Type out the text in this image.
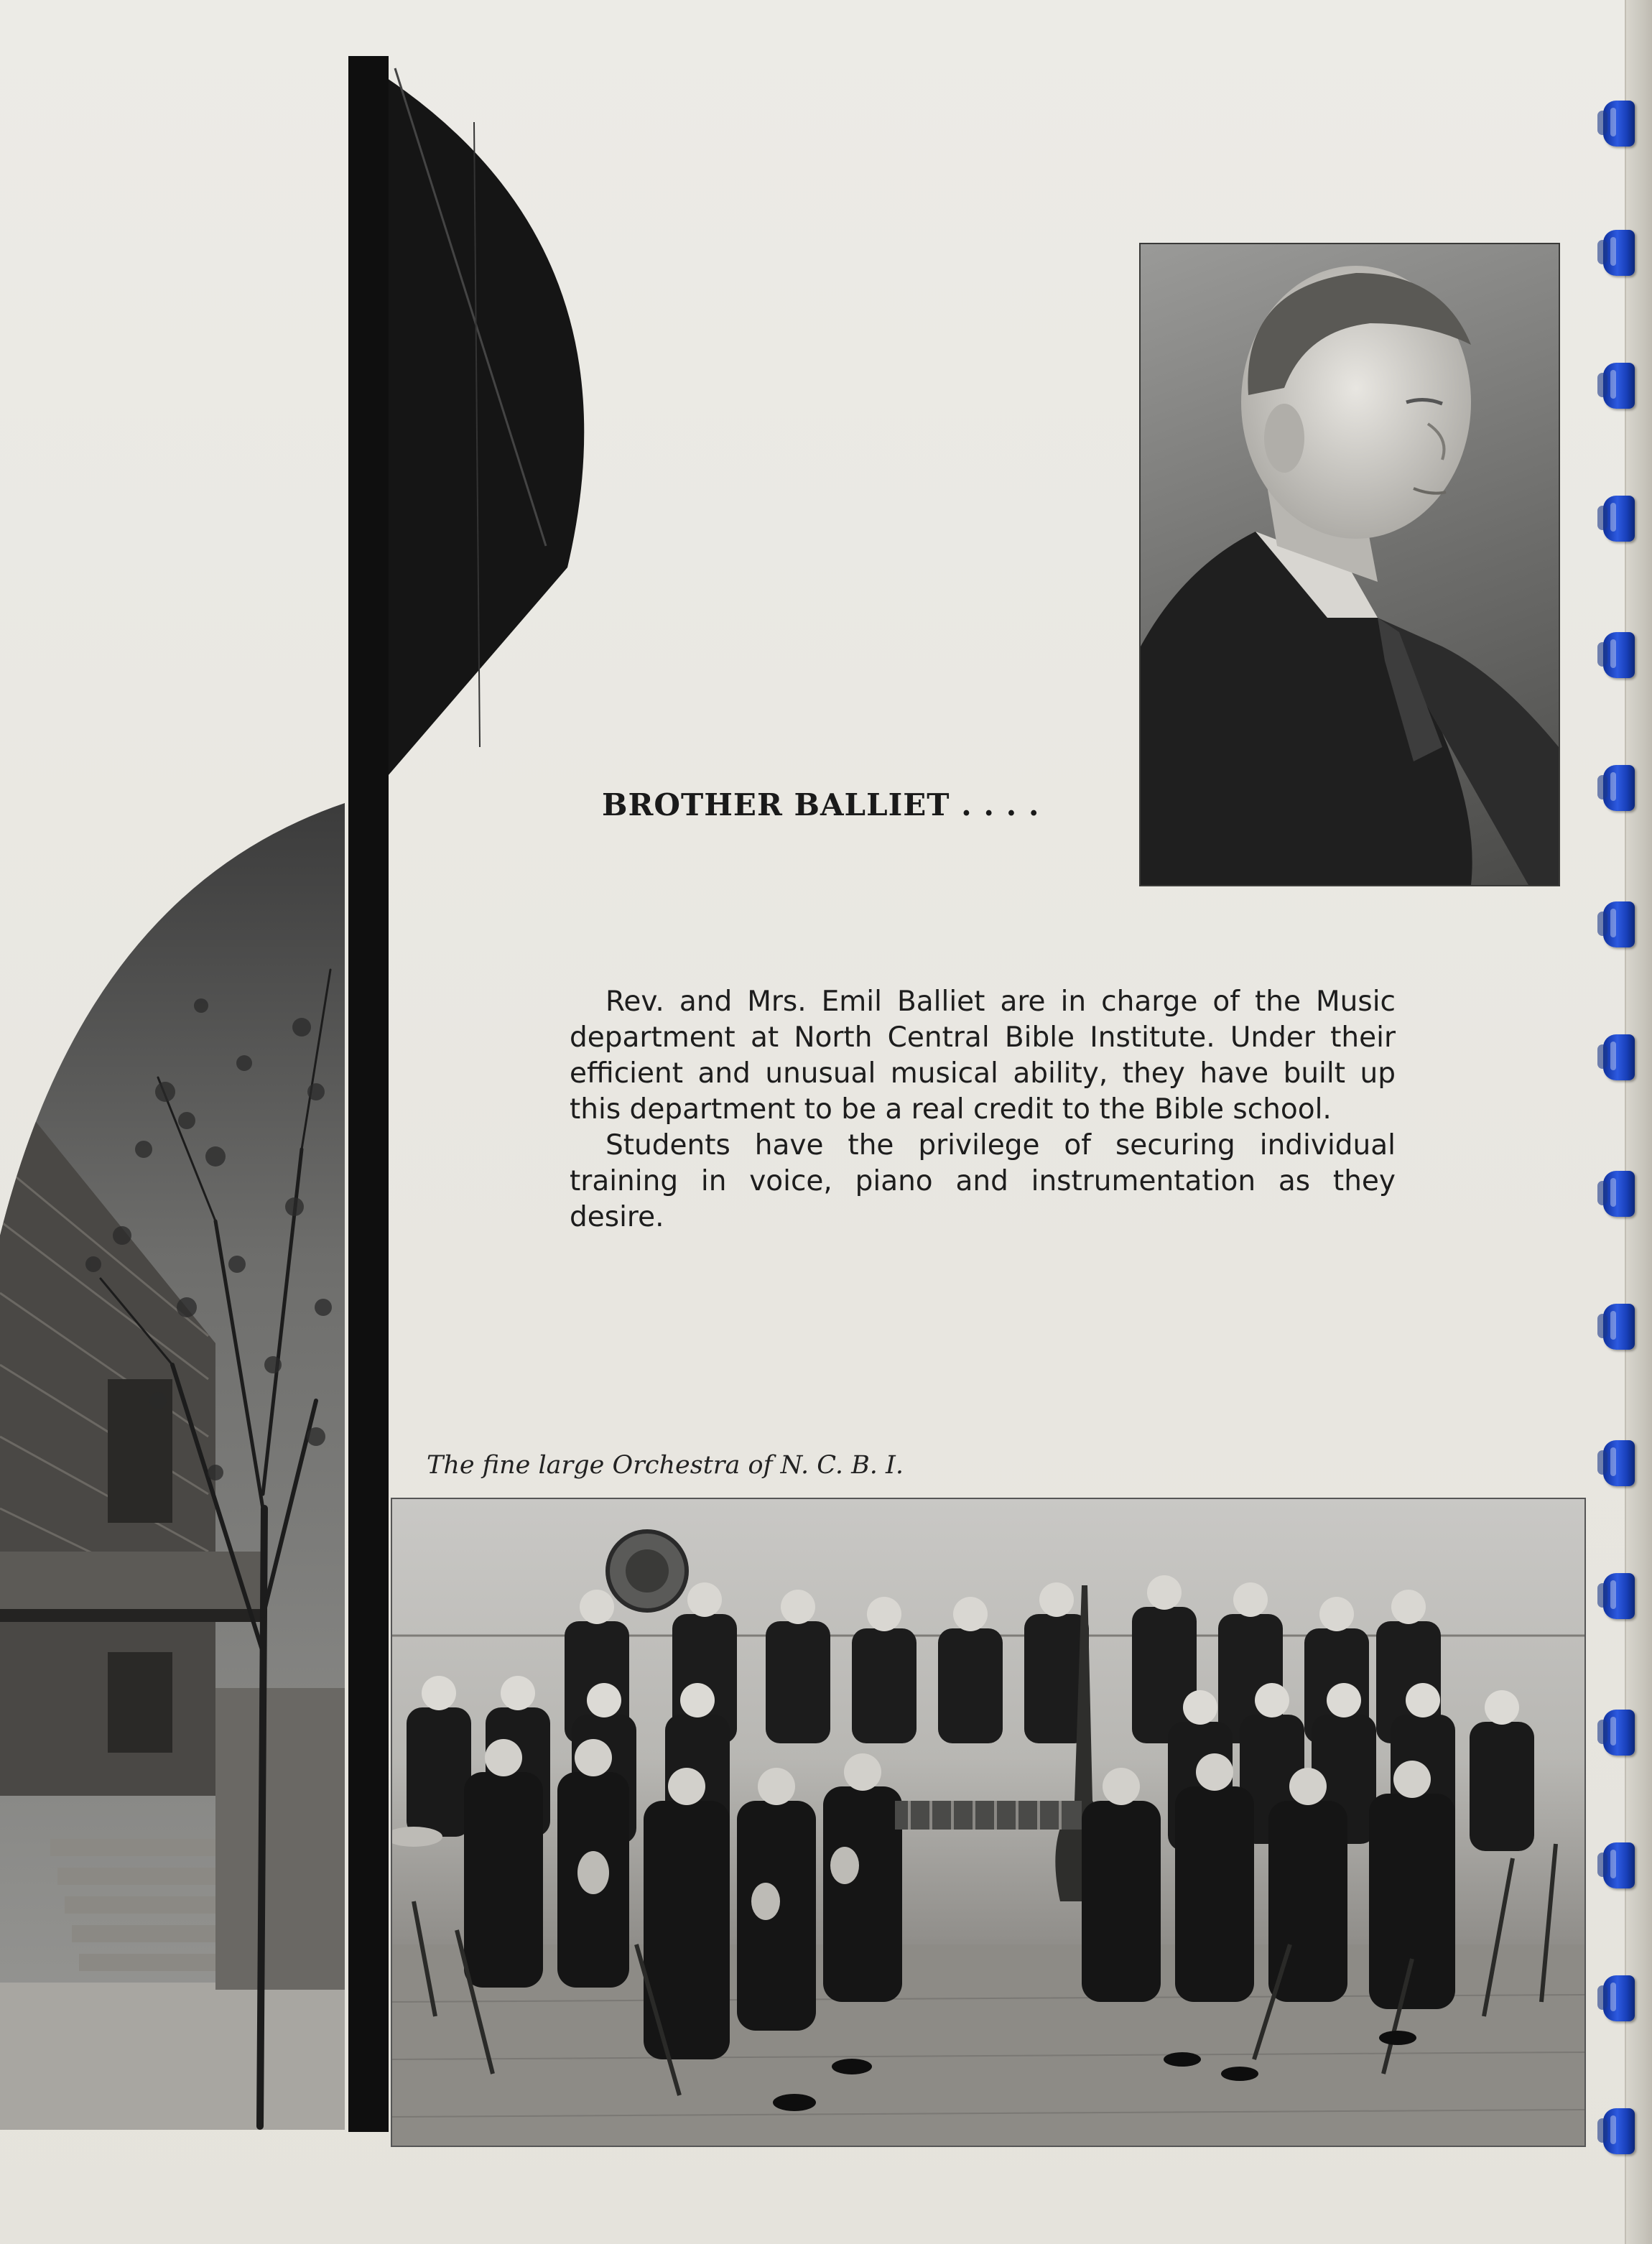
BROTHER BALLIET . . . .

Rev. and Mrs. Emil Balliet are in charge of the Music department at North Central Bible Institute. Under their efficient and unusual musical ability, they have built up this department to be a real credit to the Bible school.

Students have the privilege of securing individual training in voice, piano and instrumentation as they desire.

The fine large Orchestra of N. C. B. I.
